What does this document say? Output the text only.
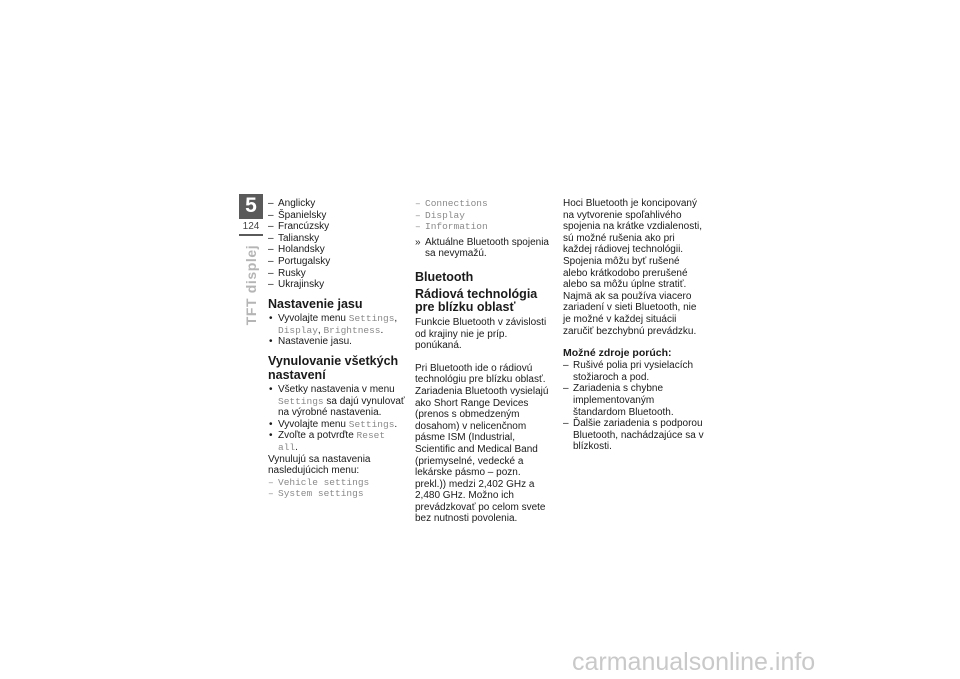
5
124
TFT displej
– Anglicky
– Španielsky
– Francúzsky
– Taliansky
– Holandsky
– Portugalsky
– Rusky
– Ukrajinsky
Nastavenie jasu
• Vyvolajte menu Settings,
Display, Brightness.
• Nastavenie jasu.
Vynulovanie všetkých nastavení
• Všetky nastavenia v menu Settings sa dajú vynulovať na výrobné nastavenia.
• Vyvolajte menu Settings.
• Zvoľte a potvrďte Reset all.
Vynulujú sa nastavenia nasledujúcich menu:
– Vehicle settings
– System settings
– Connections
– Display
– Information
» Aktuálne Bluetooth spojenia sa nevymažú.
Bluetooth
Rádiová technológia pre blízku oblasť
Funkcie Bluetooth v závislosti od krajiny nie je príp. ponúkaná.
Pri Bluetooth ide o rádiovú technológiu pre blízku oblasť. Zariadenia Bluetooth vysielajú ako Short Range Devices (prenos s obmedzeným dosahom) v nelicenčnom pásme ISM (Industrial, Scientific and Medical Band (priemyselné, vedecké a lekárske pásmo – pozn. prekl.)) medzi 2,402 GHz a 2,480 GHz. Možno ich prevádzkovať po celom svete bez nutnosti povolenia.
Hoci Bluetooth je koncipovaný na vytvorenie spoľahlivého spojenia na krátke vzdialenosti, sú možné rušenia ako pri každej rádiovej technológii. Spojenia môžu byť rušené alebo krátkodobo prerušené alebo sa môžu úplne stratiť. Najmä ak sa používa viacero zariadení v sieti Bluetooth, nie je možné v každej situácii zaručiť bezchybnú prevádzku.
Možné zdroje porúch:
– Rušivé polia pri vysielacích stožiaroch a pod.
– Zariadenia s chybne implementovaným štandardom Bluetooth.
– Ďalšie zariadenia s podporou Bluetooth, nachádzajúce sa v blízkosti.
carmanualsonline.info
